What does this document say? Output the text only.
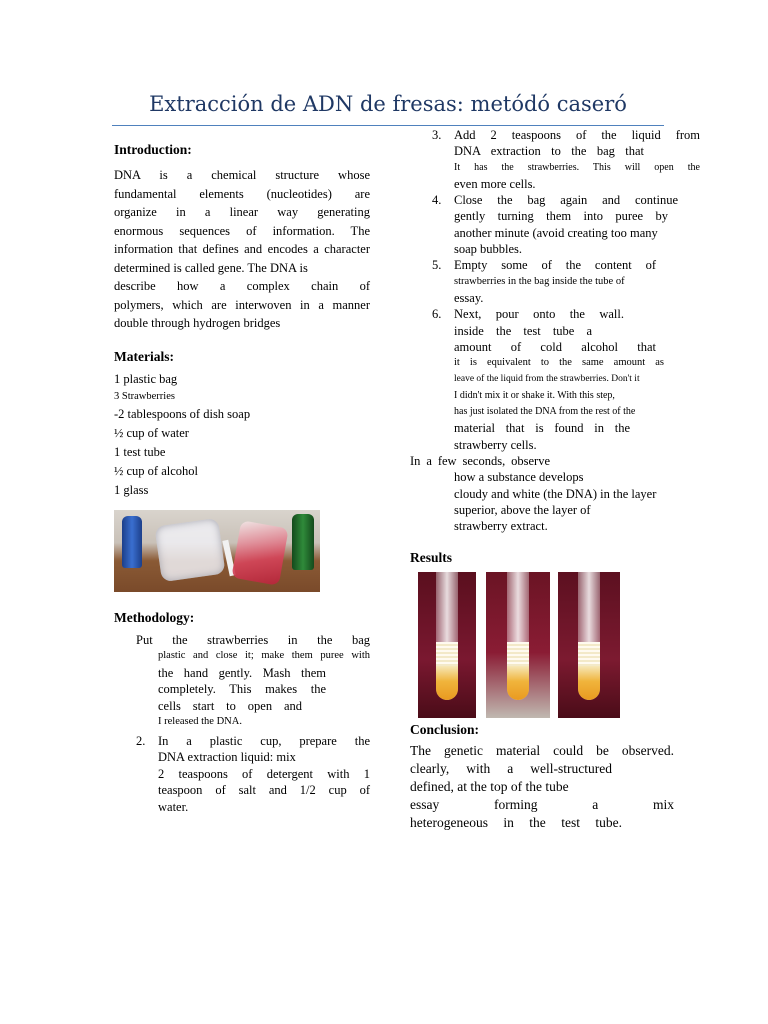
Extracción de ADN de fresas: metódó caseró
Introduction:
DNA is a chemical structure whose
fundamental elements (nucleotides) are
organize in a linear way generating
enormous sequences of information. The
information that defines and encodes a character
determined is called gene. The DNA is
describe how a complex chain of
polymers, which are interwoven in a manner
double through hydrogen bridges
Materials:
1 plastic bag
3 Strawberries
-2 tablespoons of dish soap
½ cup of water
1 test tube
½ cup of alcohol
1 glass
Methodology:
Put the strawberries in the bag
plastic and close it; make them puree with
the hand gently. Mash them
completely. This makes the
cells start to open and
I released the DNA.
2.	In a plastic cup, prepare the
DNA extraction liquid: mix
2 teaspoons of detergent with 1
teaspoon of salt and 1/2 cup of
water.
3.	Add 2 teaspoons of the liquid from
DNA extraction to the bag that
It has the strawberries. This will open the
even more cells.
4.	Close the bag again and continue
gently turning them into puree by
another minute (avoid creating too many
soap bubbles.
5.	Empty some of the content of
strawberries in the bag inside the tube of
essay.
6.	Next, pour onto the wall.
inside the test tube a
amount of cold alcohol that
it is equivalent to the same amount as
leave of the liquid from the strawberries. Don't it
I didn't mix it or shake it. With this step,
has just isolated the DNA from the rest of the
material that is found in the
strawberry cells.
In a few seconds, observe
how a substance develops
cloudy and white (the DNA) in the layer
superior, above the layer of
strawberry extract.
Results
Conclusion:
The genetic material could be observed.
clearly, with a well-structured
defined, at the top of the tube
essay forming a mix
heterogeneous in the test tube.
